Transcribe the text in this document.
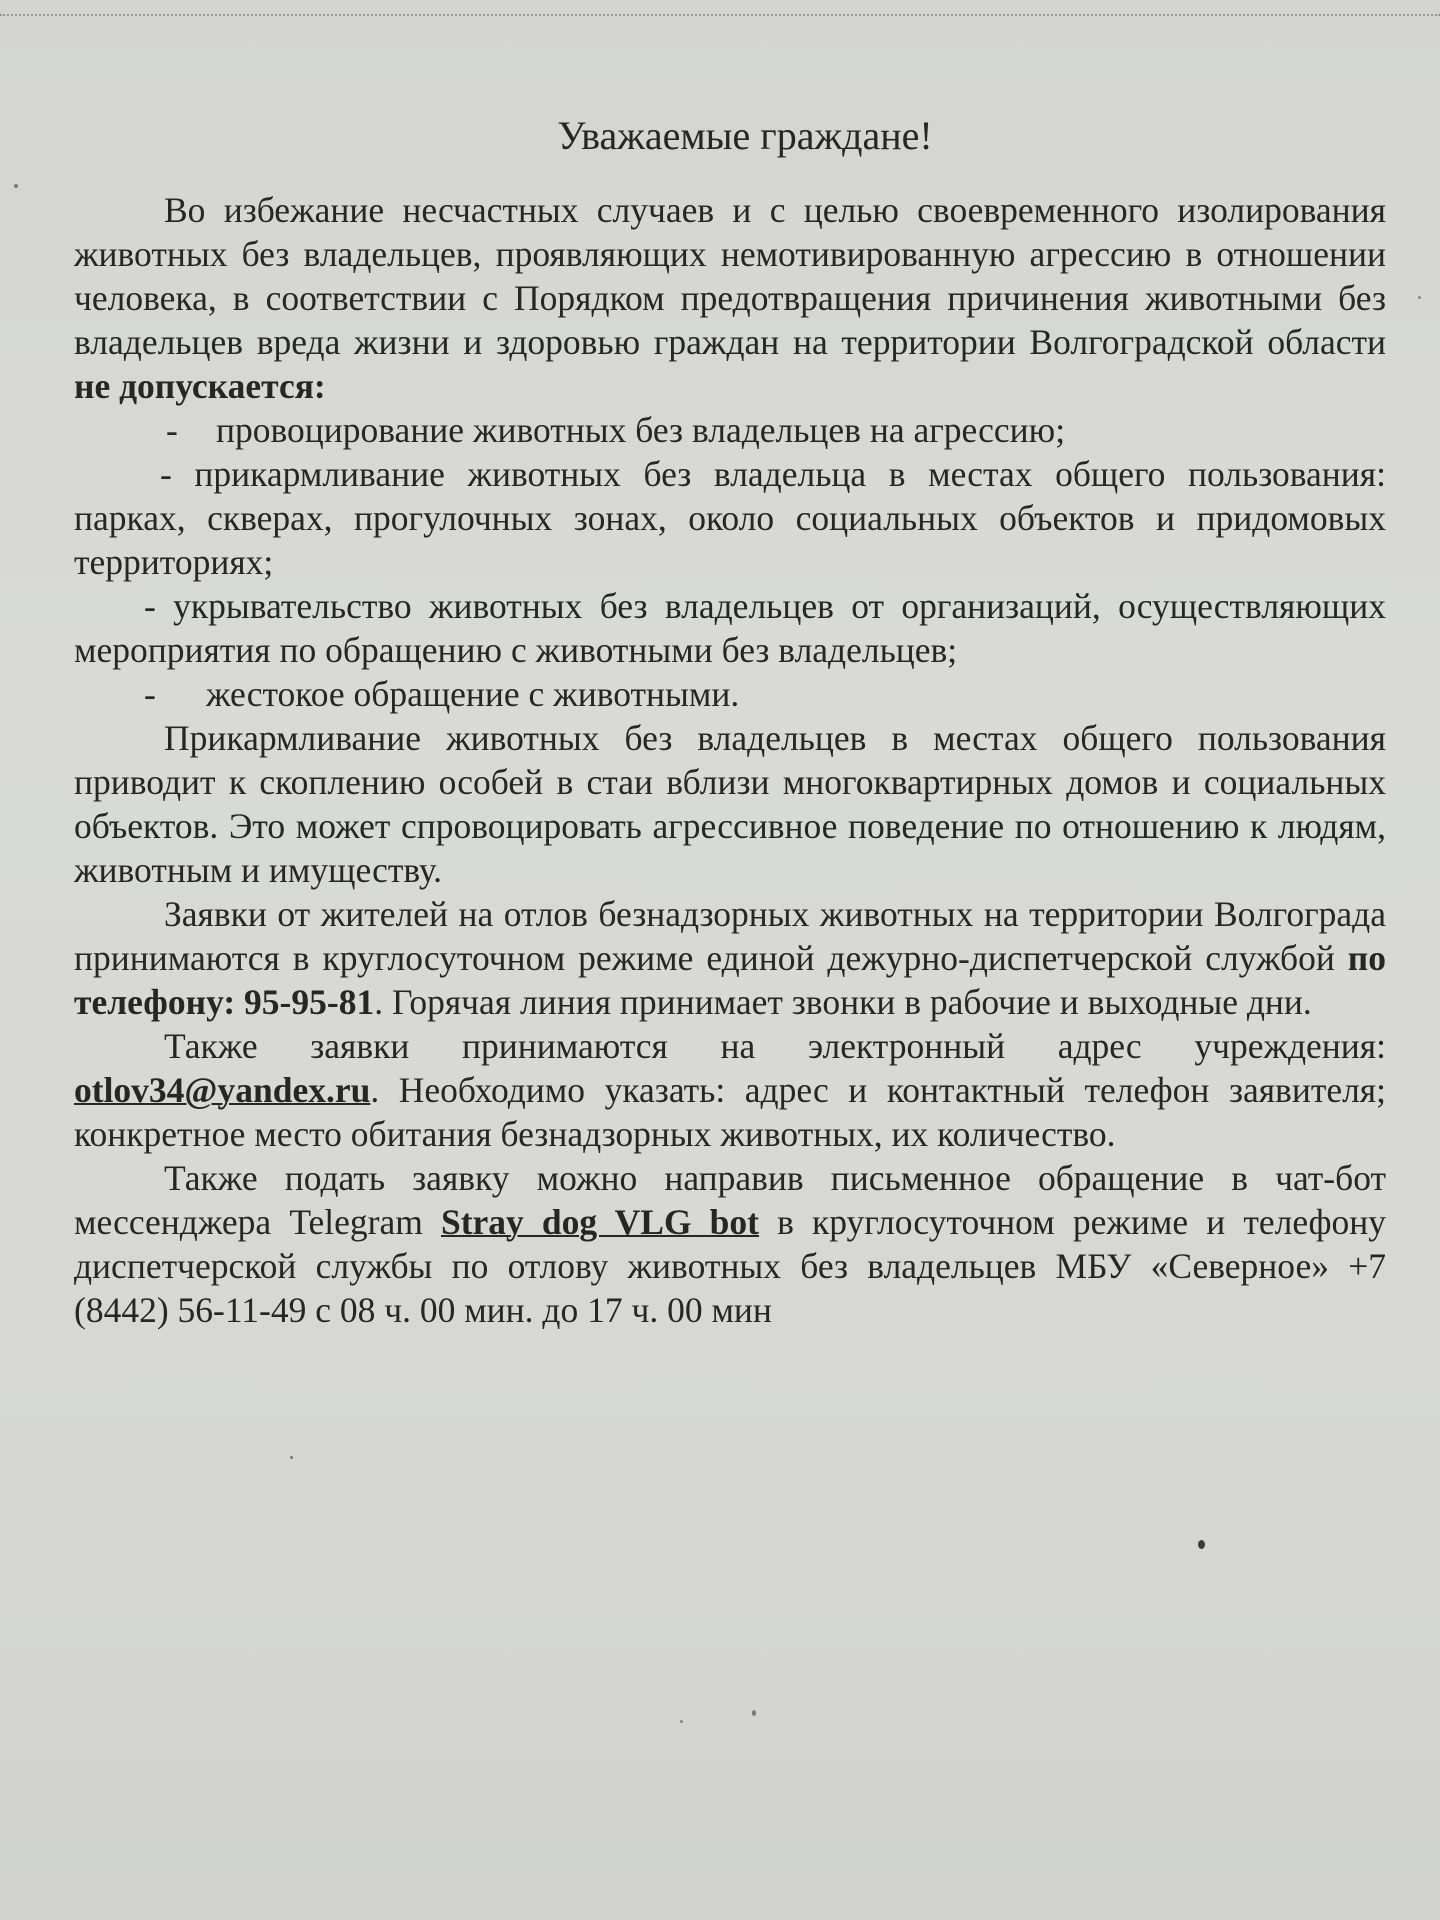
Уважаемые граждане!

Во избежание несчастных случаев и с целью своевременного изолирования животных без владельцев, проявляющих немотивированную агрессию в отношении человека, в соответствии с Порядком предотвращения причинения животными без владельцев вреда жизни и здоровью граждан на территории Волгоградской области не допускается:

- провоцирование животных без владельцев на агрессию;

- прикармливание животных без владельца в местах общего пользования: парках, скверах, прогулочных зонах, около социальных объектов и придомовых территориях;

- укрывательство животных без владельцев от организаций, осуществляющих мероприятия по обращению с животными без владельцев;

- жестокое обращение с животными.

Прикармливание животных без владельцев в местах общего пользования приводит к скоплению особей в стаи вблизи многоквартирных домов и социальных объектов. Это может спровоцировать агрессивное поведение по отношению к людям, животным и имуществу.

Заявки от жителей на отлов безнадзорных животных на территории Волгограда принимаются в круглосуточном режиме единой дежурно-диспетчерской службой по телефону: 95-95-81. Горячая линия принимает звонки в рабочие и выходные дни.

Также заявки принимаются на электронный адрес учреждения: otlov34@yandex.ru. Необходимо указать: адрес и контактный телефон заявителя; конкретное место обитания безнадзорных животных, их количество.

Также подать заявку можно направив письменное обращение в чат-бот мессенджера Telegram Stray dog VLG bot в круглосуточном режиме и телефону диспетчерской службы по отлову животных без владельцев МБУ «Северное» +7 (8442) 56-11-49 с 08 ч. 00 мин. до 17 ч. 00 мин
